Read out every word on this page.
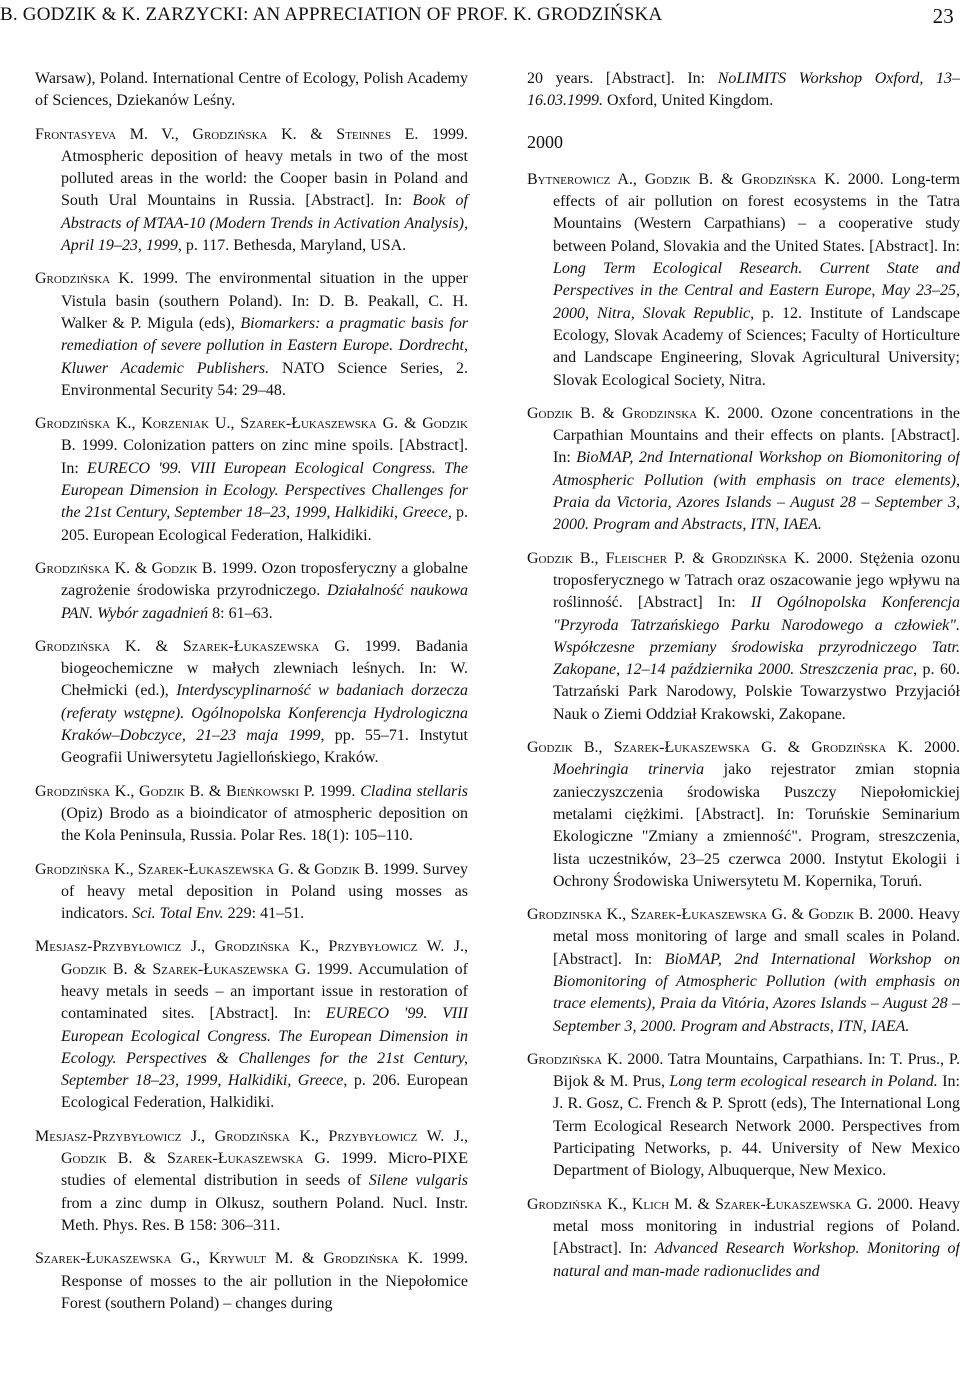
B. GODZIK & K. ZARZYCKI: AN APPRECIATION OF PROF. K. GRODZIŃSKA	23

Warsaw), Poland. International Centre of Ecology, Polish Academy of Sciences, Dziekanów Leśny.

Frontasyeva M. V., Grodzińska K. & Steinnes E. 1999. Atmospheric deposition of heavy metals in two of the most polluted areas in the world: the Cooper basin in Poland and South Ural Mountains in Russia. [Abstract]. In: Book of Abstracts of MTAA-10 (Modern Trends in Activation Analysis), April 19–23, 1999, p. 117. Bethesda, Maryland, USA.

Grodzińska K. 1999. The environmental situation in the upper Vistula basin (southern Poland). In: D. B. Peakall, C. H. Walker & P. Migula (eds), Biomarkers: a pragmatic basis for remediation of severe pollution in Eastern Europe. Dordrecht, Kluwer Academic Publishers. NATO Science Series, 2. Environmental Security 54: 29–48.

Grodzińska K., Korzeniak U., Szarek-Łukaszewska G. & Godzik B. 1999. Colonization patters on zinc mine spoils. [Abstract]. In: EURECO '99. VIII European Ecological Congress. The European Dimension in Ecology. Perspectives Challenges for the 21st Century, September 18–23, 1999, Halkidiki, Greece, p. 205. European Ecological Federation, Halkidiki.

Grodzińska K. & Godzik B. 1999. Ozon troposferyczny a globalne zagrożenie środowiska przyrodniczego. Działalność naukowa PAN. Wybór zagadnień 8: 61–63.

Grodzińska K. & Szarek-Łukaszewska G. 1999. Badania biogeochemiczne w małych zlewniach leśnych. In: W. Chełmicki (ed.), Interdyscyplinarność w badaniach dorzecza (referaty wstępne). Ogólnopolska Konferencja Hydrologiczna Kraków–Dobczyce, 21–23 maja 1999, pp. 55–71. Instytut Geografii Uniwersytetu Jagiellońskiego, Kraków.

Grodzińska K., Godzik B. & Bieńkowski P. 1999. Cladina stellaris (Opiz) Brodo as a bioindicator of atmospheric deposition on the Kola Peninsula, Russia. Polar Res. 18(1): 105–110.

Grodzińska K., Szarek-Łukaszewska G. & Godzik B. 1999. Survey of heavy metal deposition in Poland using mosses as indicators. Sci. Total Env. 229: 41–51.

Mesjasz-Przybyłowicz J., Grodzińska K., Przybyłowicz W. J., Godzik B. & Szarek-Łukaszewska G. 1999. Accumulation of heavy metals in seeds – an important issue in restoration of contaminated sites. [Abstract]. In: EURECO '99. VIII European Ecological Congress. The European Dimension in Ecology. Perspectives & Challenges for the 21st Century, September 18–23, 1999, Halkidiki, Greece, p. 206. European Ecological Federation, Halkidiki.

Mesjasz-Przybyłowicz J., Grodzińska K., Przybyłowicz W. J., Godzik B. & Szarek-Łukaszewska G. 1999. Micro-PIXE studies of elemental distribution in seeds of Silene vulgaris from a zinc dump in Olkusz, southern Poland. Nucl. Instr. Meth. Phys. Res. B 158: 306–311.

Szarek-Łukaszewska G., Krywult M. & Grodzińska K. 1999. Response of mosses to the air pollution in the Niepołomice Forest (southern Poland) – changes during

20 years. [Abstract]. In: NoLIMITS Workshop Oxford, 13–16.03.1999. Oxford, United Kingdom.

2000

Bytnerowicz A., Godzik B. & Grodzińska K. 2000. Long-term effects of air pollution on forest ecosystems in the Tatra Mountains (Western Carpathians) – a cooperative study between Poland, Slovakia and the United States. [Abstract]. In: Long Term Ecological Research. Current State and Perspectives in the Central and Eastern Europe, May 23–25, 2000, Nitra, Slovak Republic, p. 12. Institute of Landscape Ecology, Slovak Academy of Sciences; Faculty of Horticulture and Landscape Engineering, Slovak Agricultural University; Slovak Ecological Society, Nitra.

Godzik B. & Grodzinska K. 2000. Ozone concentrations in the Carpathian Mountains and their effects on plants. [Abstract]. In: BioMAP, 2nd International Workshop on Biomonitoring of Atmospheric Pollution (with emphasis on trace elements), Praia da Victoria, Azores Islands – August 28 – September 3, 2000. Program and Abstracts, ITN, IAEA.

Godzik B., Fleischer P. & Grodzińska K. 2000. Stężenia ozonu troposferycznego w Tatrach oraz oszacowanie jego wpływu na roślinność. [Abstract] In: II Ogólnopolska Konferencja "Przyroda Tatrzańskiego Parku Narodowego a człowiek". Współczesne przemiany środowiska przyrodniczego Tatr. Zakopane, 12–14 października 2000. Streszczenia prac, p. 60. Tatrzański Park Narodowy, Polskie Towarzystwo Przyjaciół Nauk o Ziemi Oddział Krakowski, Zakopane.

Godzik B., Szarek-Łukaszewska G. & Grodzińska K. 2000. Moehringia trinervia jako rejestrator zmian stopnia zanieczyszczenia środowiska Puszczy Niepołomickiej metalami ciężkimi. [Abstract]. In: Toruńskie Seminarium Ekologiczne "Zmiany a zmienność". Program, streszczenia, lista uczestników, 23–25 czerwca 2000. Instytut Ekologii i Ochrony Środowiska Uniwersytetu M. Kopernika, Toruń.

Grodzinska K., Szarek-Łukaszewska G. & Godzik B. 2000. Heavy metal moss monitoring of large and small scales in Poland. [Abstract]. In: BioMAP, 2nd International Workshop on Biomonitoring of Atmospheric Pollution (with emphasis on trace elements), Praia da Vitória, Azores Islands – August 28 – September 3, 2000. Program and Abstracts, ITN, IAEA.

Grodzińska K. 2000. Tatra Mountains, Carpathians. In: T. Prus., P. Bijok & M. Prus, Long term ecological research in Poland. In: J. R. Gosz, C. French & P. Sprott (eds), The International Long Term Ecological Research Network 2000. Perspectives from Participating Networks, p. 44. University of New Mexico Department of Biology, Albuquerque, New Mexico.

Grodzińska K., Klich M. & Szarek-Łukaszewska G. 2000. Heavy metal moss monitoring in industrial regions of Poland. [Abstract]. In: Advanced Research Workshop. Monitoring of natural and man-made radionuclides and
